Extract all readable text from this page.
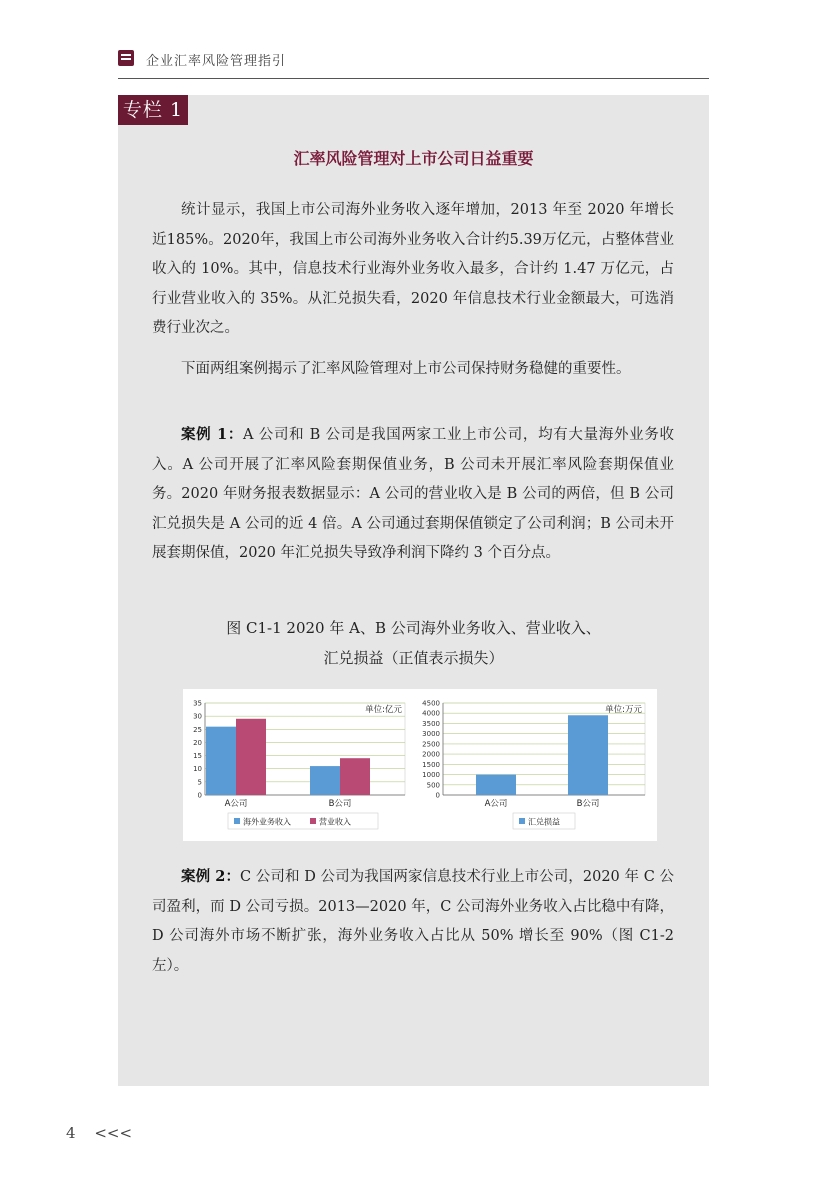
企业汇率风险管理指引
专栏 1
汇率风险管理对上市公司日益重要
统计显示，我国上市公司海外业务收入逐年增加，2013 年至 2020 年增长近185%。2020年，我国上市公司海外业务收入合计约5.39万亿元，占整体营业收入的 10%。其中，信息技术行业海外业务收入最多，合计约 1.47 万亿元，占行业营业收入的 35%。从汇兑损失看，2020 年信息技术行业金额最大，可选消费行业次之。
下面两组案例揭示了汇率风险管理对上市公司保持财务稳健的重要性。
案例 1：A 公司和 B 公司是我国两家工业上市公司，均有大量海外业务收入。A 公司开展了汇率风险套期保值业务，B 公司未开展汇率风险套期保值业务。2020 年财务报表数据显示：A 公司的营业收入是 B 公司的两倍，但 B 公司汇兑损失是 A 公司的近 4 倍。A 公司通过套期保值锁定了公司利润；B 公司未开展套期保值，2020 年汇兑损失导致净利润下降约 3 个百分点。
图 C1-1 2020 年 A、B 公司海外业务收入、营业收入、
汇兑损益（正值表示损失）
0
5
10
15
20
25
30
35
单位:亿元
A公司	B公司
海外业务收入	营业收入
0
500
1000
1500
2000
2500
3000
3500
4000
4500
单位:万元
A公司	B公司
汇兑损益
案例 2：C 公司和 D 公司为我国两家信息技术行业上市公司，2020 年 C 公司盈利，而 D 公司亏损。2013—2020 年，C 公司海外业务收入占比稳中有降，D 公司海外市场不断扩张，海外业务收入占比从 50% 增长至 90%（图 C1-2 左）。
4 <<<
